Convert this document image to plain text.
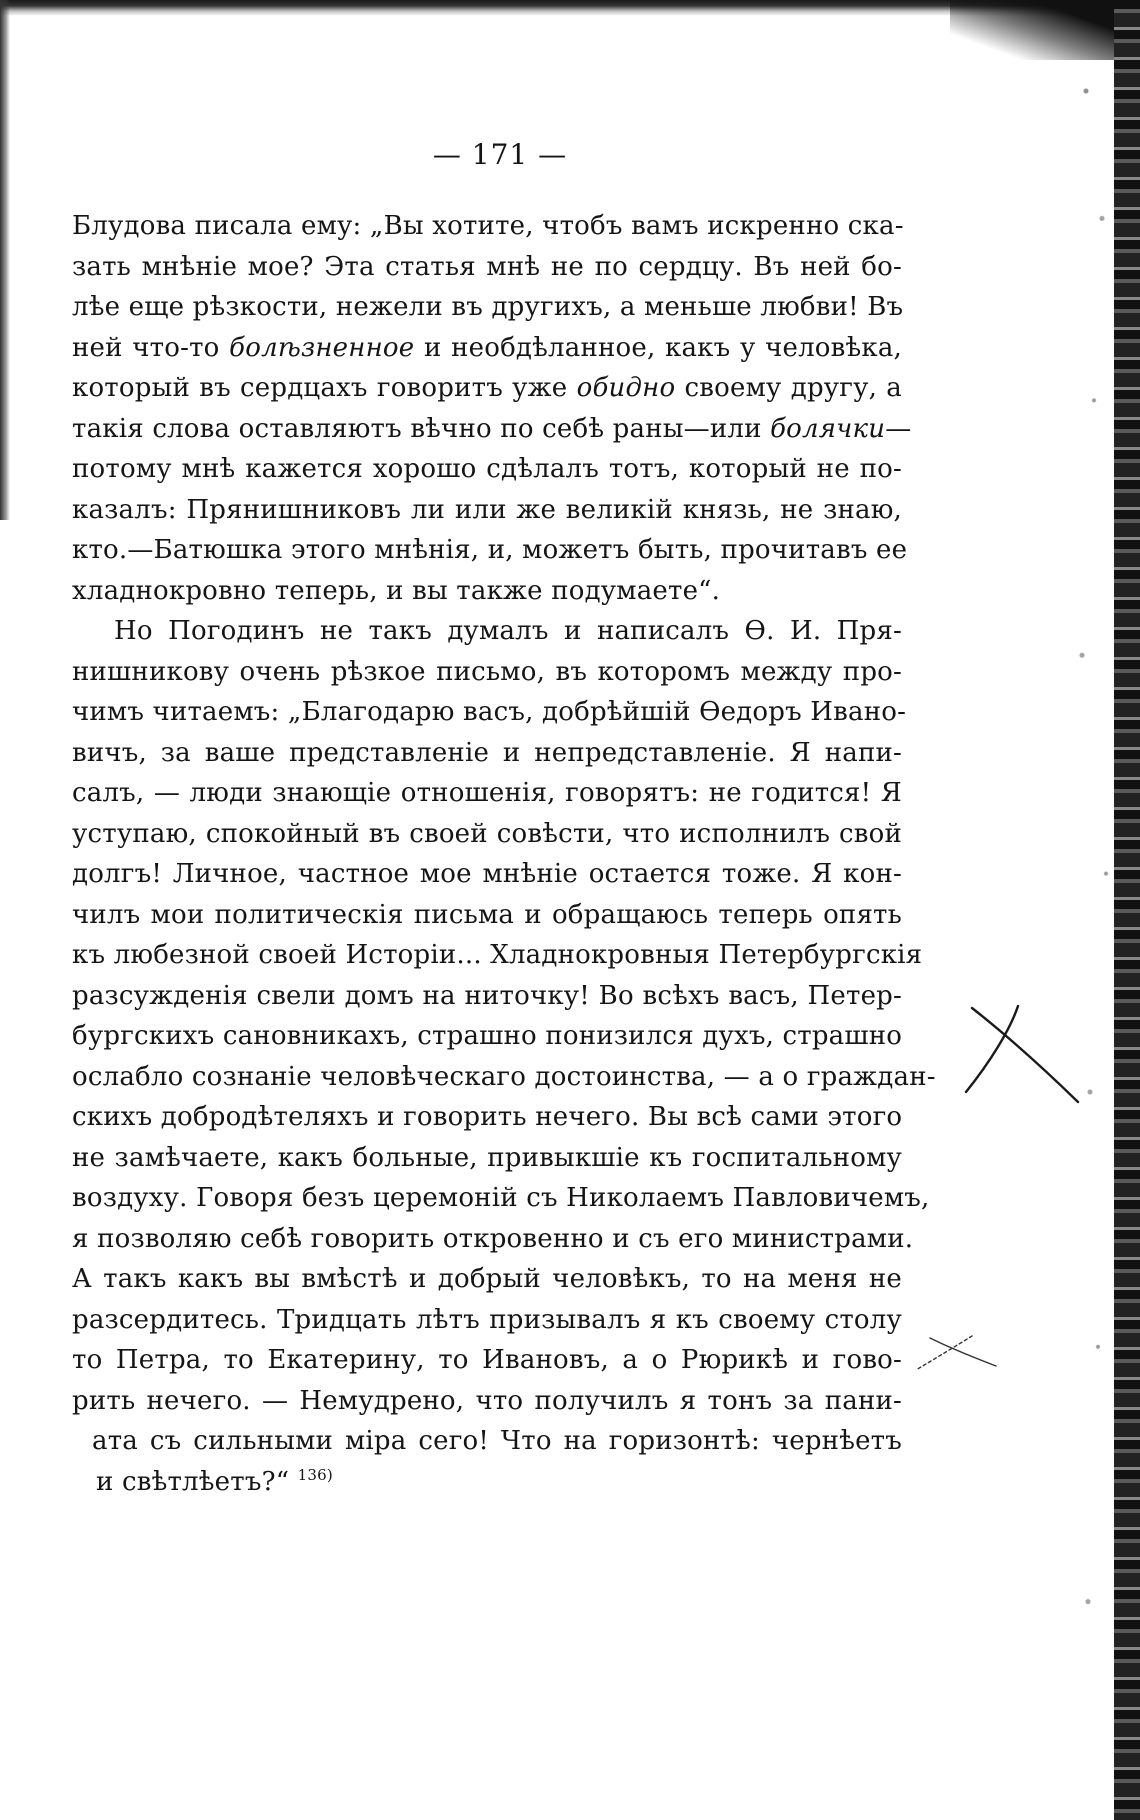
— 171 —
Блудова писала ему: „Вы хотите, чтобъ вамъ искренно ска-
зать мнѣніе мое? Эта статья мнѣ не по сердцу. Въ ней бо-
лѣе еще рѣзкости, нежели въ другихъ, а меньше любви! Въ
ней что-то болѣзненное и необдѣланное, какъ у человѣка,
который въ сердцахъ говоритъ уже обидно своему другу, а
такія слова оставляютъ вѣчно по себѣ раны—или болячки—
потому мнѣ кажется хорошо сдѣлалъ тотъ, который не по-
казалъ: Прянишниковъ ли или же великій князь, не знаю,
кто.—Батюшка этого мнѣнія, и, можетъ быть, прочитавъ ее
хладнокровно теперь, и вы также подумаете“.
Но Погодинъ не такъ думалъ и написалъ Ѳ. И. Пря-
нишникову очень рѣзкое письмо, въ которомъ между про-
чимъ читаемъ: „Благодарю васъ, добрѣйшій Ѳедоръ Ивано-
вичъ, за ваше представленіе и непредставленіе. Я напи-
салъ, — люди знающіе отношенія, говорятъ: не годится! Я
уступаю, спокойный въ своей совѣсти, что исполнилъ свой
долгъ! Личное, частное мое мнѣніе остается тоже. Я кон-
чилъ мои политическія письма и обращаюсь теперь опять
къ любезной своей Исторіи... Хладнокровныя Петербургскія
разсужденія свели домъ на ниточку! Во всѣхъ васъ, Петер-
бургскихъ сановникахъ, страшно понизился духъ, страшно
ослабло сознаніе человѣческаго достоинства, — а о граждан-
скихъ добродѣтеляхъ и говорить нечего. Вы всѣ сами этого
не замѣчаете, какъ больные, привыкшіе къ госпитальному
воздуху. Говоря безъ церемоній съ Николаемъ Павловичемъ,
я позволяю себѣ говорить откровенно и съ его министрами.
А такъ какъ вы вмѣстѣ и добрый человѣкъ, то на меня не
разсердитесь. Тридцать лѣтъ призывалъ я къ своему столу
то Петра, то Екатерину, то Ивановъ, а о Рюрикѣ и гово-
рить нечего. — Немудрено, что получилъ я тонъ за пани-
ата съ сильными міра сего! Что на горизонтѣ: чернѣетъ
и свѣтлѣетъ?“ $^{136)}$
